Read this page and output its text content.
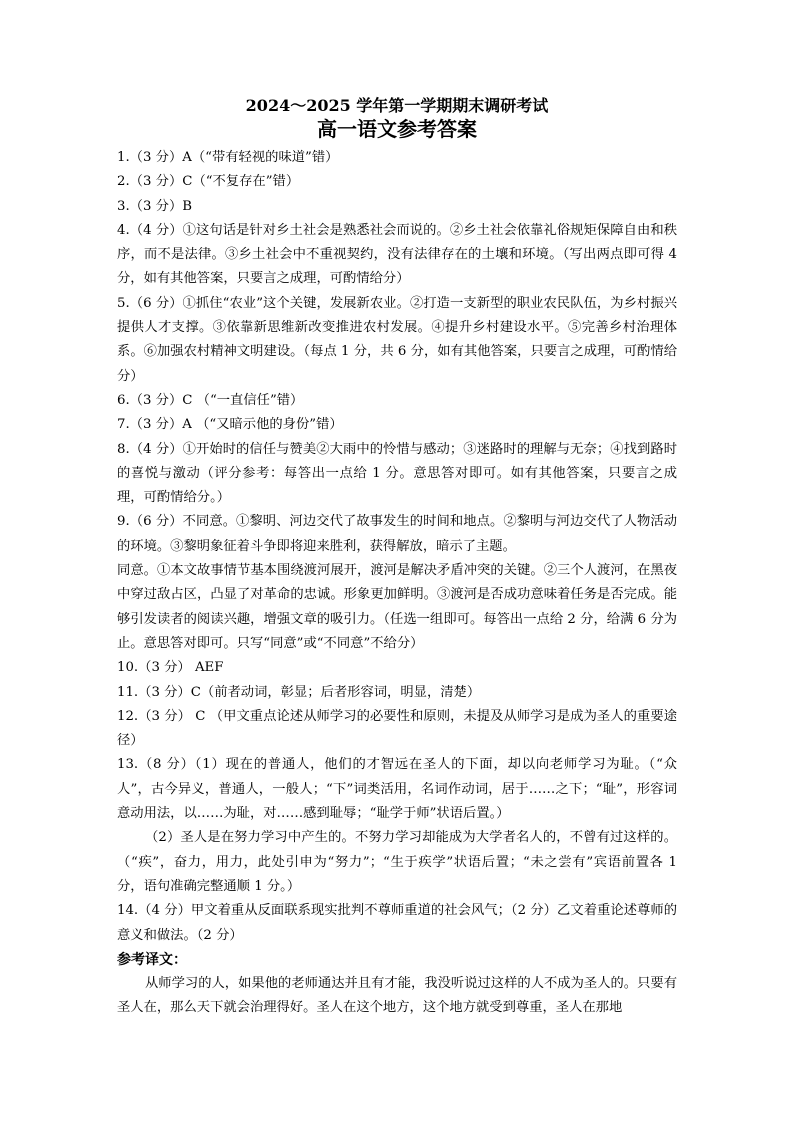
2024～2025 学年第一学期期末调研考试

高一语文参考答案

1.（3 分）A（“带有轻视的味道”错）

2.（3 分）C（“不复存在”错）

3.（3 分）B

4.（4 分）①这句话是针对乡土社会是熟悉社会而说的。②乡土社会依靠礼俗规矩保障自由和秩序，而不是法律。③乡土社会中不重视契约，没有法律存在的土壤和环境。（写出两点即可得 4 分，如有其他答案，只要言之成理，可酌情给分）

5.（6 分）①抓住“农业”这个关键，发展新农业。②打造一支新型的职业农民队伍，为乡村振兴提供人才支撑。③依靠新思维新改变推进农村发展。④提升乡村建设水平。⑤完善乡村治理体系。⑥加强农村精神文明建设。（每点 1 分，共 6 分，如有其他答案，只要言之成理，可酌情给分）

6.（3 分）C （“一直信任”错）

7.（3 分）A （“又暗示他的身份”错）

8.（4 分）①开始时的信任与赞美②大雨中的怜惜与感动；③迷路时的理解与无奈；④找到路时的喜悦与激动（评分参考：每答出一点给 1 分。意思答对即可。如有其他答案，只要言之成理，可酌情给分。）

9.（6 分）不同意。①黎明、河边交代了故事发生的时间和地点。②黎明与河边交代了人物活动的环境。③黎明象征着斗争即将迎来胜利，获得解放，暗示了主题。

同意。①本文故事情节基本围绕渡河展开，渡河是解决矛盾冲突的关键。②三个人渡河，在黑夜中穿过敌占区，凸显了对革命的忠诚。形象更加鲜明。③渡河是否成功意味着任务是否完成。能够引发读者的阅读兴趣，增强文章的吸引力。（任选一组即可。每答出一点给 2 分，给满 6 分为止。意思答对即可。只写“同意”或“不同意”不给分）

10.（3 分） AEF

11.（3 分）C（前者动词，彰显；后者形容词，明显，清楚）

12.（3 分） C （甲文重点论述从师学习的必要性和原则，未提及从师学习是成为圣人的重要途径）

13.（8 分）（1）现在的普通人，他们的才智远在圣人的下面，却以向老师学习为耻。（“众人”，古今异义，普通人，一般人；“下”词类活用，名词作动词，居于……之下；“耻”，形容词意动用法，以……为耻，对……感到耻辱；“耻学于师”状语后置。）

（2）圣人是在努力学习中产生的。不努力学习却能成为大学者名人的，不曾有过这样的。（“疾”，奋力，用力，此处引申为“努力”；“生于疾学”状语后置；“未之尝有”宾语前置各 1 分，语句准确完整通顺 1 分。）

14.（4 分）甲文着重从反面联系现实批判不尊师重道的社会风气；（2 分）乙文着重论述尊师的意义和做法。（2 分）

参考译文：

从师学习的人，如果他的老师通达并且有才能，我没听说过这样的人不成为圣人的。只要有圣人在，那么天下就会治理得好。圣人在这个地方，这个地方就受到尊重，圣人在那地
